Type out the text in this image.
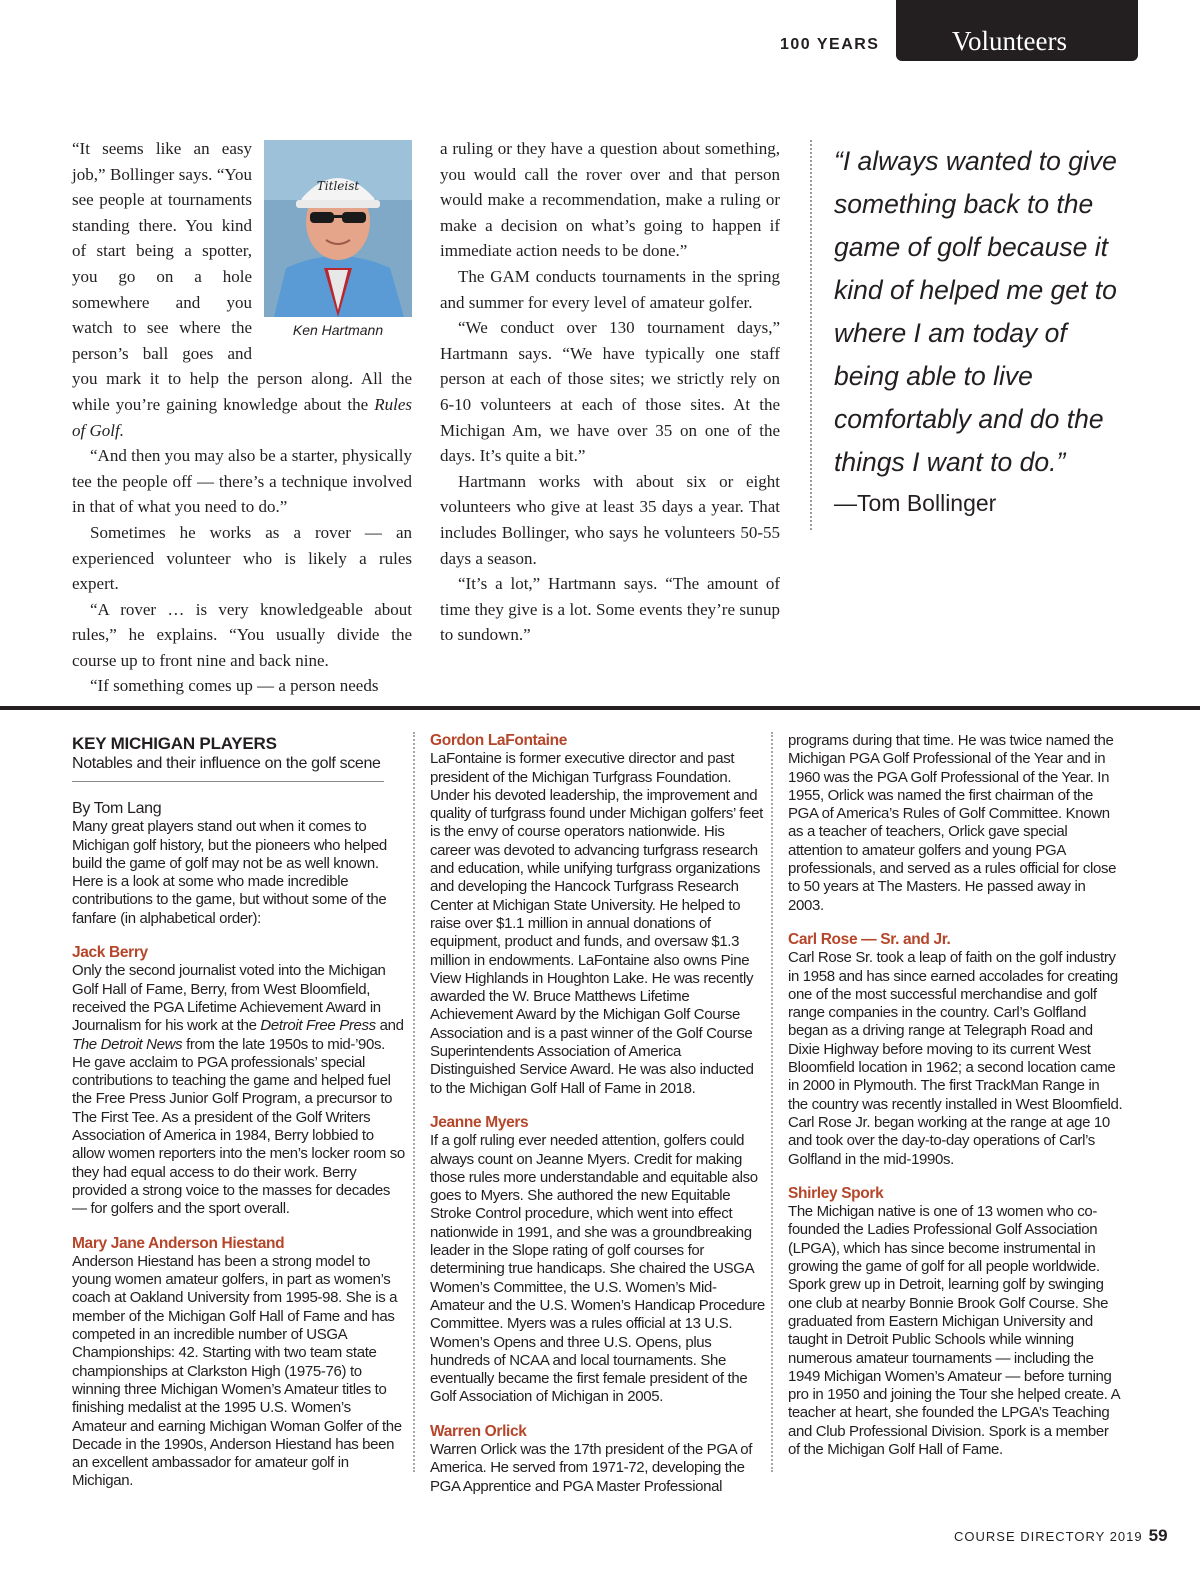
100 YEARS	Volunteers
Titleist
Ken Hartmann

“It seems like an easy job,” Bollinger says. “You see people at tournaments standing there. You kind of start being a spotter, you go on a hole somewhere and you watch to see where the person’s ball goes and you mark it to help the person along. All the while you’re gaining knowledge about the Rules of Golf.

“And then you may also be a starter, physically tee the people off — there’s a technique involved in that of what you need to do.”

Sometimes he works as a rover — an experienced volunteer who is likely a rules expert.

“A rover … is very knowledgeable about rules,” he explains. “You usually divide the course up to front nine and back nine.

“If something comes up — a person needs

a ruling or they have a question about something, you would call the rover over and that person would make a recommendation, make a ruling or make a decision on what’s going to happen if immediate action needs to be done.”

The GAM conducts tournaments in the spring and summer for every level of amateur golfer.

“We conduct over 130 tournament days,” Hartmann says. “We have typically one staff person at each of those sites; we strictly rely on 6-10 volunteers at each of those sites. At the Michigan Am, we have over 35 on one of the days. It’s quite a bit.”

Hartmann works with about six or eight volunteers who give at least 35 days a year. That includes Bollinger, who says he volunteers 50-55 days a season.

“It’s a lot,” Hartmann says. “The amount of time they give is a lot. Some events they’re sunup to sundown.”

“I always wanted to give something back to the game of golf because it kind of helped me get to where I am today of being able to live comfortably and do the things I want to do.”
—Tom Bollinger
KEY MICHIGAN PLAYERS
Notables and their influence on the golf scene
By Tom Lang

Many great players stand out when it comes to Michigan golf history, but the pioneers who helped build the game of golf may not be as well known. Here is a look at some who made incredible contributions to the game, but without some of the fanfare (in alphabetical order):

Jack Berry

Only the second journalist voted into the Michigan Golf Hall of Fame, Berry, from West Bloomfield, received the PGA Lifetime Achievement Award in Journalism for his work at the Detroit Free Press and The Detroit News from the late 1950s to mid-’90s. He gave acclaim to PGA professionals’ special contributions to teaching the game and helped fuel the Free Press Junior Golf Program, a precursor to The First Tee. As a president of the Golf Writers Association of America in 1984, Berry lobbied to allow women reporters into the men’s locker room so they had equal access to do their work. Berry provided a strong voice to the masses for decades — for golfers and the sport overall.

Mary Jane Anderson Hiestand

Anderson Hiestand has been a strong model to young women amateur golfers, in part as women’s coach at Oakland University from 1995-98. She is a member of the Michigan Golf Hall of Fame and has competed in an incredible number of USGA Championships: 42. Starting with two team state championships at Clarkston High (1975-76) to winning three Michigan Women’s Amateur titles to finishing medalist at the 1995 U.S. Women’s Amateur and earning Michigan Woman Golfer of the Decade in the 1990s, Anderson Hiestand has been an excellent ambassador for amateur golf in Michigan.

Gordon LaFontaine

LaFontaine is former executive director and past president of the Michigan Turfgrass Foundation. Under his devoted leadership, the improvement and quality of turfgrass found under Michigan golfers’ feet is the envy of course operators nationwide. His career was devoted to advancing turfgrass research and education, while unifying turfgrass organizations and developing the Hancock Turfgrass Research Center at Michigan State University. He helped to raise over $1.1 million in annual donations of equipment, product and funds, and oversaw $1.3 million in endowments. LaFontaine also owns Pine View Highlands in Houghton Lake. He was recently awarded the W. Bruce Matthews Lifetime Achievement Award by the Michigan Golf Course Association and is a past winner of the Golf Course Superintendents Association of America Distinguished Service Award. He was also inducted to the Michigan Golf Hall of Fame in 2018.

Jeanne Myers

If a golf ruling ever needed attention, golfers could always count on Jeanne Myers. Credit for making those rules more understandable and equitable also goes to Myers. She authored the new Equitable Stroke Control procedure, which went into effect nationwide in 1991, and she was a groundbreaking leader in the Slope rating of golf courses for determining true handicaps. She chaired the USGA Women’s Committee, the U.S. Women’s Mid-Amateur and the U.S. Women’s Handicap Procedure Committee. Myers was a rules official at 13 U.S. Women’s Opens and three U.S. Opens, plus hundreds of NCAA and local tournaments. She eventually became the first female president of the Golf Association of Michigan in 2005.

Warren Orlick

Warren Orlick was the 17th president of the PGA of America. He served from 1971-72, developing the PGA Apprentice and PGA Master Professional

programs during that time. He was twice named the Michigan PGA Golf Professional of the Year and in 1960 was the PGA Golf Professional of the Year. In 1955, Orlick was named the first chairman of the PGA of America’s Rules of Golf Committee. Known as a teacher of teachers, Orlick gave special attention to amateur golfers and young PGA professionals, and served as a rules official for close to 50 years at The Masters. He passed away in 2003.

Carl Rose — Sr. and Jr.

Carl Rose Sr. took a leap of faith on the golf industry in 1958 and has since earned accolades for creating one of the most successful merchandise and golf range companies in the country. Carl’s Golfland began as a driving range at Telegraph Road and Dixie Highway before moving to its current West Bloomfield location in 1962; a second location came in 2000 in Plymouth. The first TrackMan Range in the country was recently installed in West Bloomfield. Carl Rose Jr. began working at the range at age 10 and took over the day-to-day operations of Carl’s Golfland in the mid-1990s.

Shirley Spork

The Michigan native is one of 13 women who co-founded the Ladies Professional Golf Association (LPGA), which has since become instrumental in growing the game of golf for all people worldwide. Spork grew up in Detroit, learning golf by swinging one club at nearby Bonnie Brook Golf Course. She graduated from Eastern Michigan University and taught in Detroit Public Schools while winning numerous amateur tournaments — including the 1949 Michigan Women’s Amateur — before turning pro in 1950 and joining the Tour she helped create. A teacher at heart, she founded the LPGA’s Teaching and Club Professional Division. Spork is a member of the Michigan Golf Hall of Fame.

COURSE DIRECTORY 2019 59
